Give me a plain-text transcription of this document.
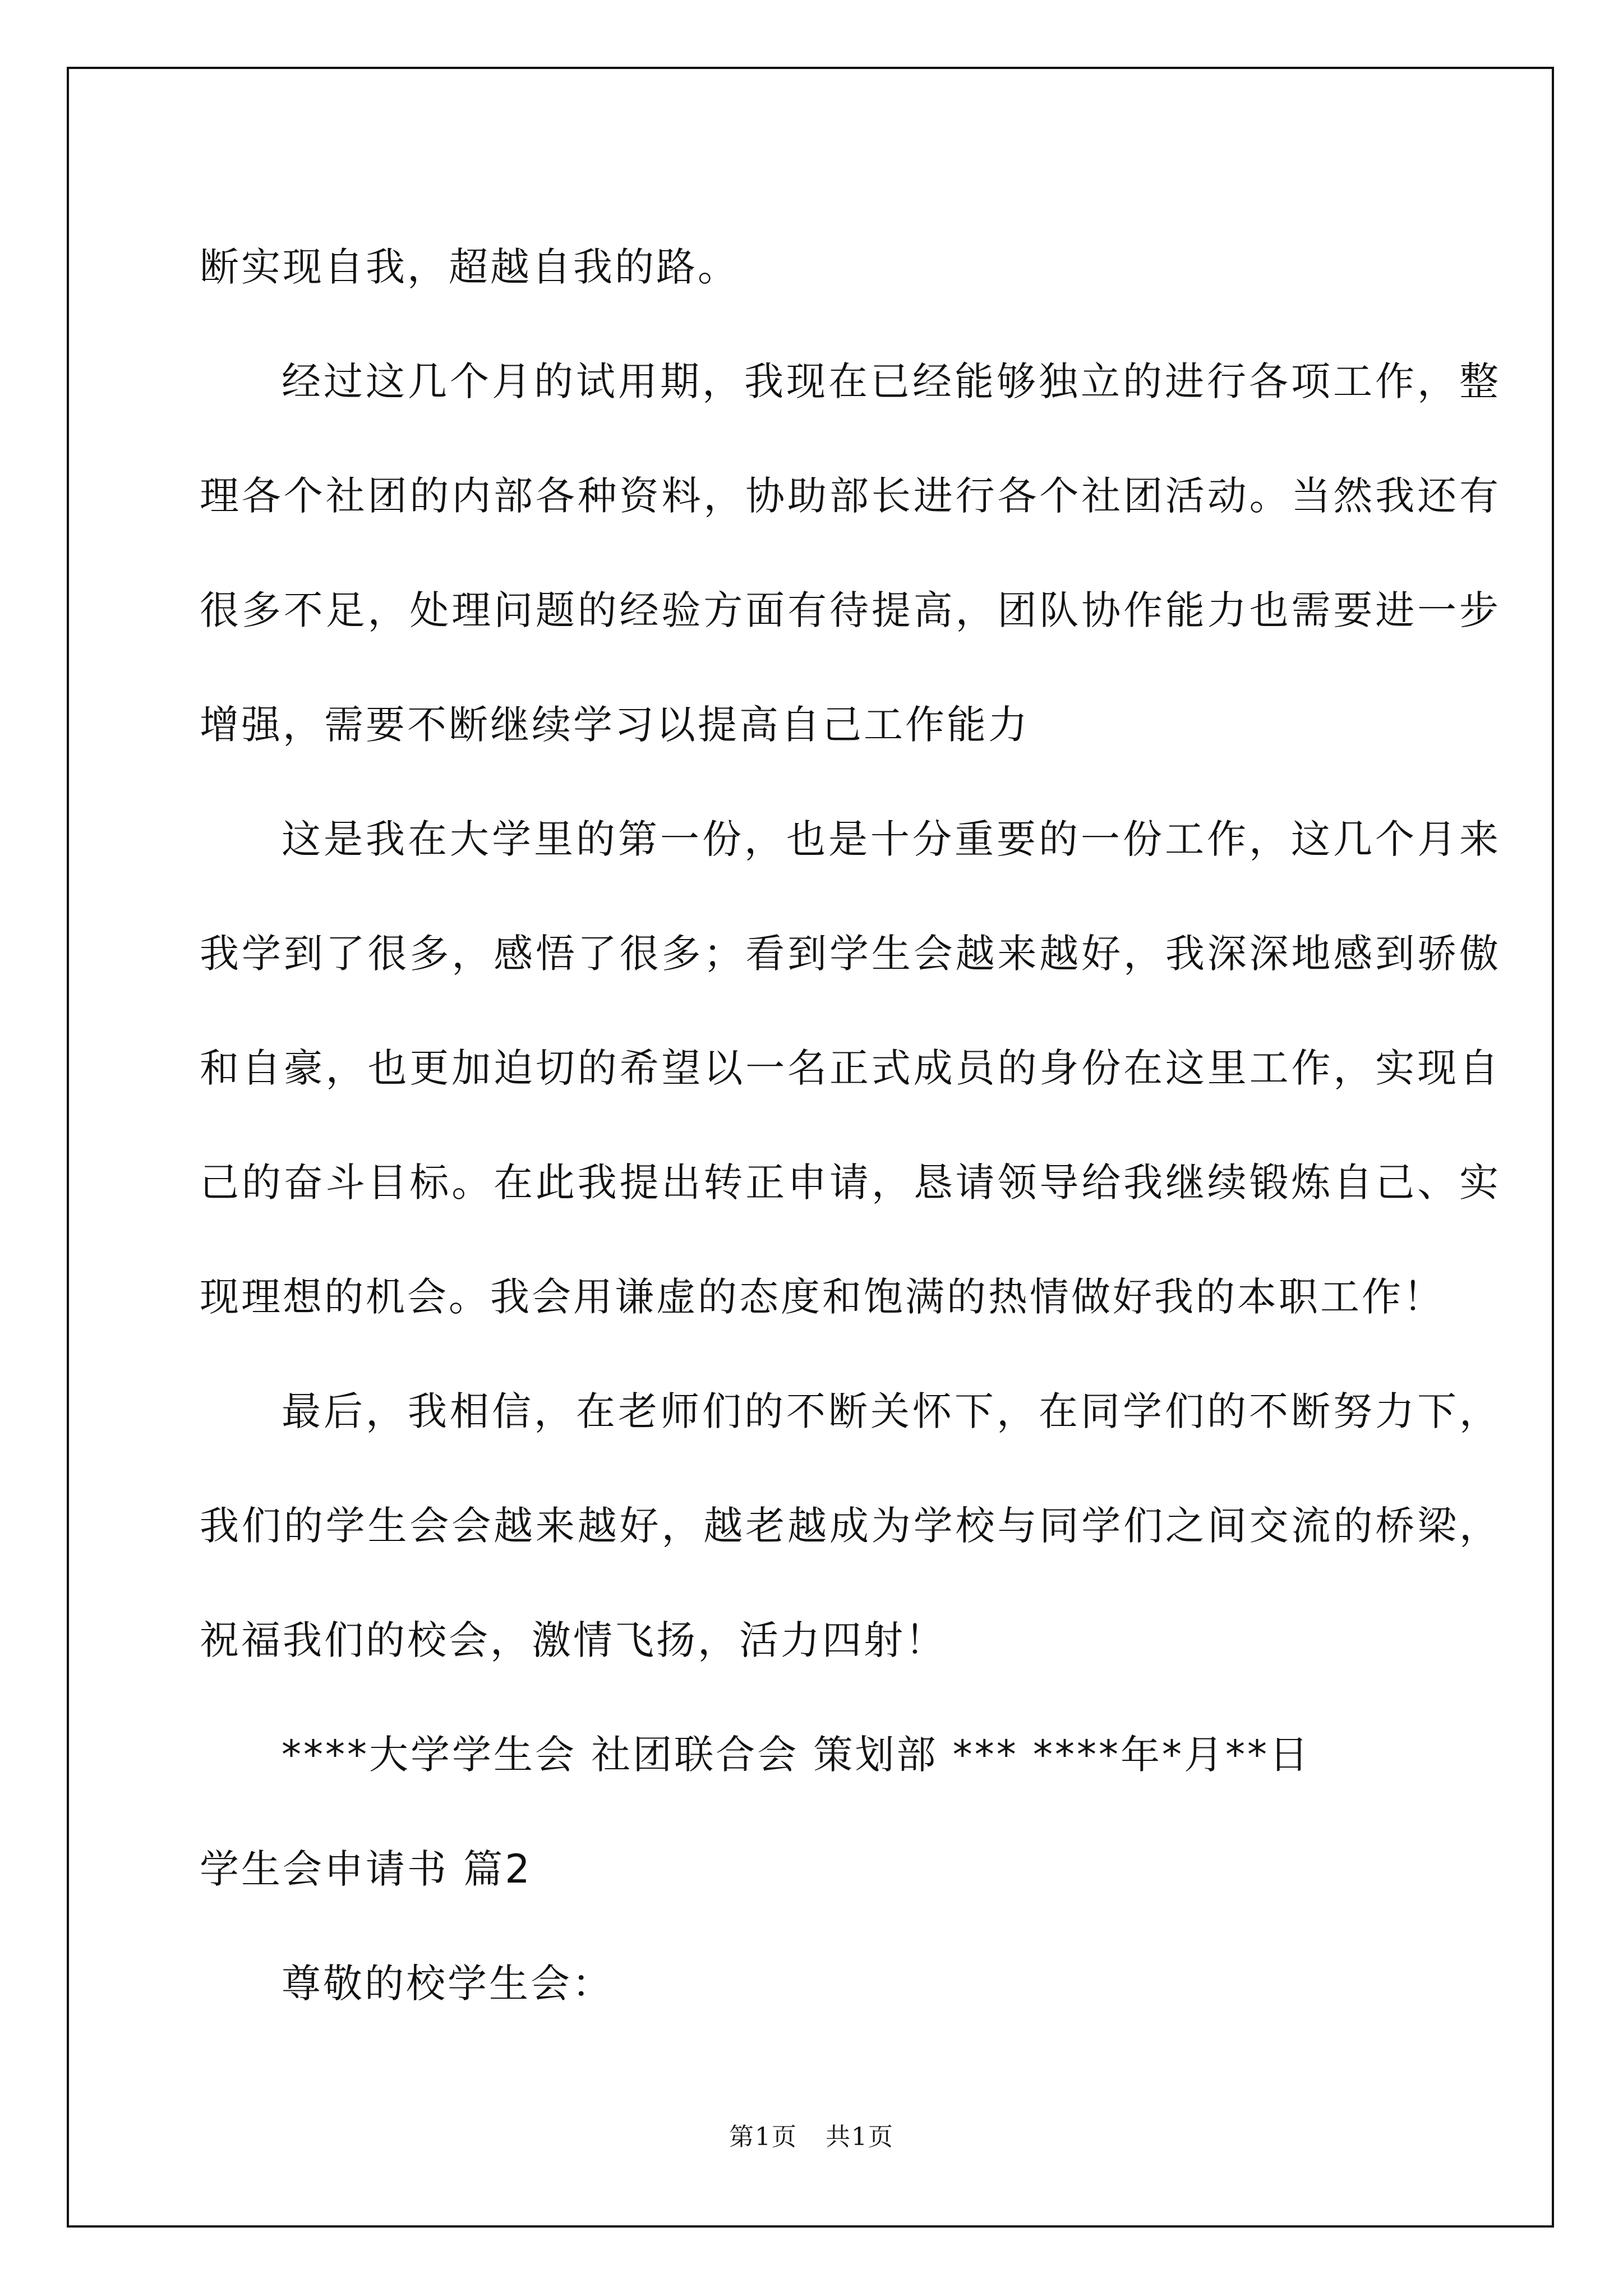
断实现自我，超越自我的路。

经过这几个月的试用期，我现在已经能够独立的进行各项工作，整理各个社团的内部各种资料，协助部长进行各个社团活动。当然我还有很多不足，处理问题的经验方面有待提高，团队协作能力也需要进一步增强，需要不断继续学习以提高自己工作能力

这是我在大学里的第一份，也是十分重要的一份工作，这几个月来我学到了很多，感悟了很多；看到学生会越来越好，我深深地感到骄傲和自豪，也更加迫切的希望以一名正式成员的身份在这里工作，实现自己的奋斗目标。在此我提出转正申请，恳请领导给我继续锻炼自己、实现理想的机会。我会用谦虚的态度和饱满的热情做好我的本职工作！

最后，我相信，在老师们的不断关怀下，在同学们的不断努力下，我们的学生会会越来越好，越老越成为学校与同学们之间交流的桥梁，祝福我们的校会，激情飞扬，活力四射！

****大学学生会 社团联合会 策划部 *** ****年*月**日

学生会申请书 篇2

尊敬的校学生会：

第1页 共1页
